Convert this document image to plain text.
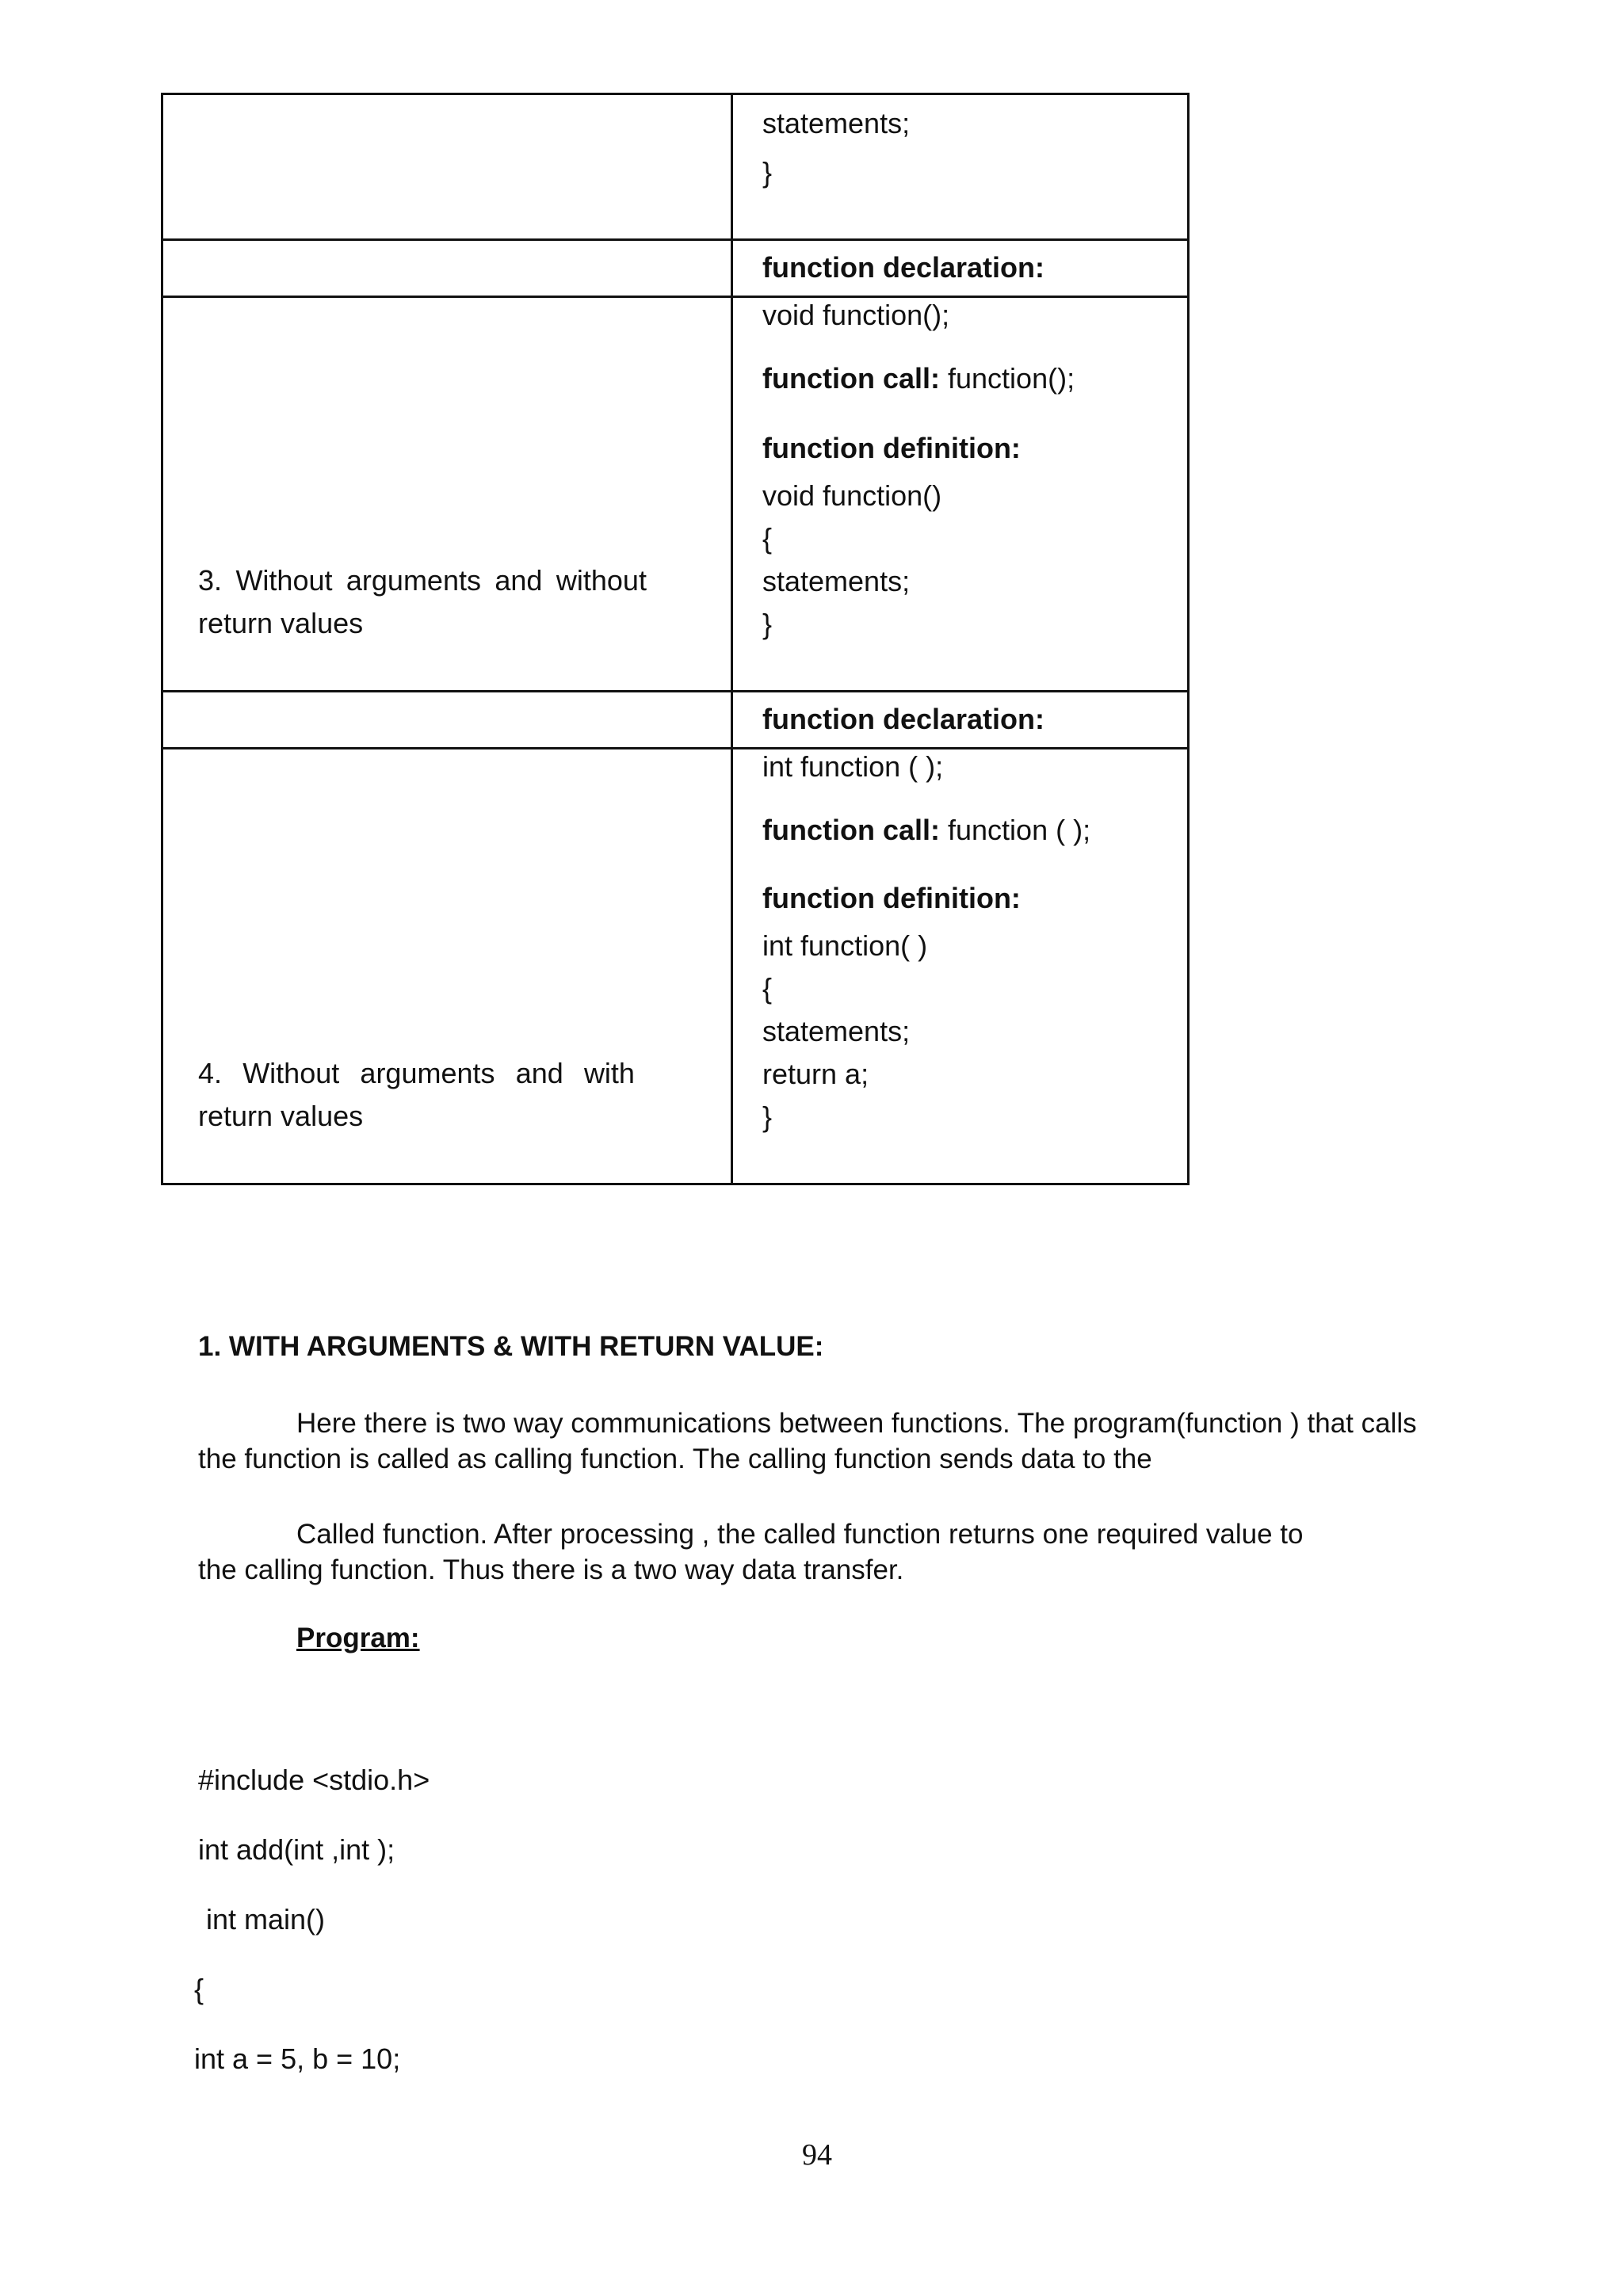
statements;
}
function declaration:
void function();
function call: function();
function definition:
void function()
{
statements;
}
3. Without arguments and without
return values
function declaration:
int function ( );
function call: function ( );
function definition:
int function( )
{
statements;
return a;
}
4. Without arguments and with
return values
1. WITH ARGUMENTS & WITH RETURN VALUE:
Here there is two way communications between functions. The program(function ) that calls
the function is called as calling function. The calling function sends data to the
Called function. After processing , the called function returns one required value to
the calling function. Thus there is a two way data transfer.
Program:
#include <stdio.h>
int add(int ,int );
int main()
{
int a = 5, b = 10;
94
